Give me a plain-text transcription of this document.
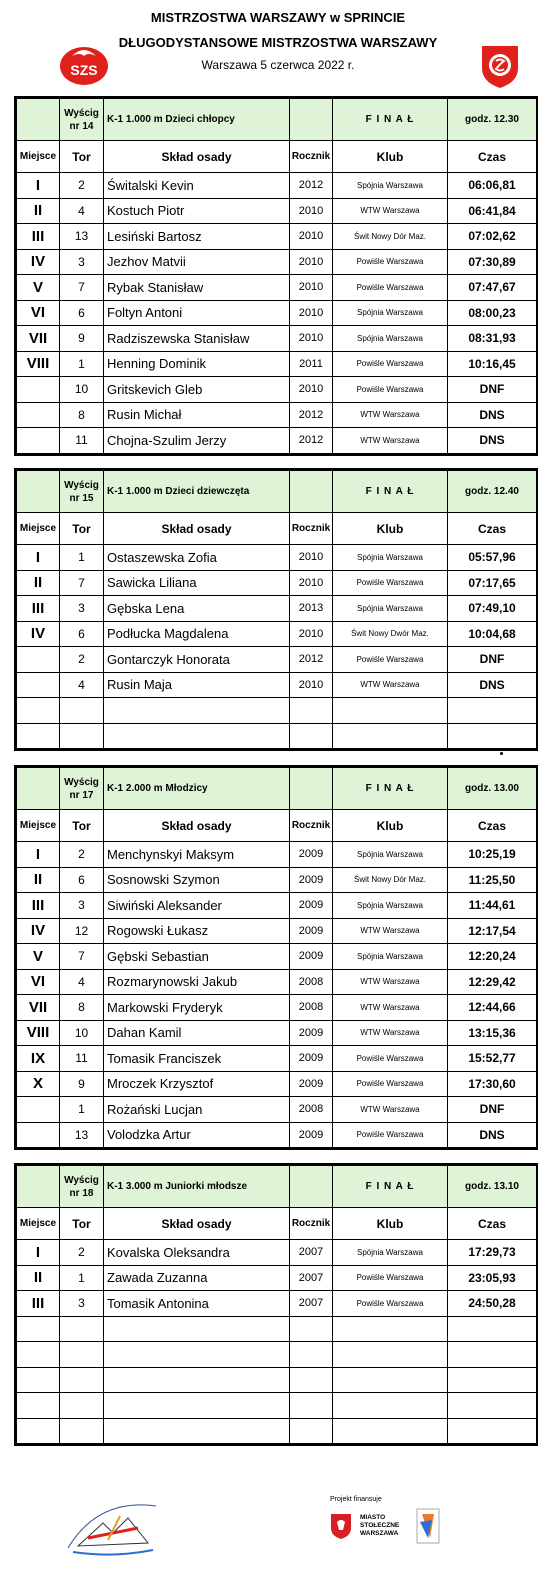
SZS
MISTRZOSTWA WARSZAWY w SPRINCIE
DŁUGODYSTANSOWE MISTRZOSTWA WARSZAWY
Warszawa 5 czerwca 2022 r.

	Wyścig
nr 14	K-1 1.000 m Dzieci chłopcy		F I N A Ł	godz. 12.30
Miejsce	Tor	Skład osady	Rocznik	Klub	Czas
I	2	Świtalski Kevin	2012	Spójnia Warszawa	06:06,81
II	4	Kostuch Piotr	2010	WTW Warszawa	06:41,84
III	13	Lesiński Bartosz	2010	Świt Nowy Dór Maz.	07:02,62
IV	3	Jezhov Matvii	2010	Powiśle Warszawa	07:30,89
V	7	Rybak Stanisław	2010	Powiśle Warszawa	07:47,67
VI	6	Foltyn Antoni	2010	Spójnia Warszawa	08:00,23
VII	9	Radziszewska Stanisław	2010	Spójnia Warszawa	08:31,93
VIII	1	Henning Dominik	2011	Powiśle Warszawa	10:16,45
	10	Gritskevich Gleb	2010	Powiśle Warszawa	DNF
	8	Rusin Michał	2012	WTW Warszawa	DNS
	11	Chojna-Szulim Jerzy	2012	WTW Warszawa	DNS

	Wyścig
nr 15	K-1 1.000 m Dzieci dziewczęta		F I N A Ł	godz. 12.40
Miejsce	Tor	Skład osady	Rocznik	Klub	Czas
I	1	Ostaszewska Zofia	2010	Spójnia Warszawa	05:57,96
II	7	Sawicka Liliana	2010	Powiśle Warszawa	07:17,65
III	3	Gębska Lena	2013	Spójnia Warszawa	07:49,10
IV	6	Podłucka Magdalena	2010	Świt Nowy Dwór Maz.	10:04,68
	2	Gontarczyk Honorata	2012	Powiśle Warszawa	DNF
	4	Rusin Maja	2010	WTW Warszawa	DNS

	Wyścig
nr 17	K-1 2.000 m Młodzicy		F I N A Ł	godz. 13.00
Miejsce	Tor	Skład osady	Rocznik	Klub	Czas
I	2	Menchynskyi Maksym	2009	Spójnia Warszawa	10:25,19
II	6	Sosnowski Szymon	2009	Świt Nowy Dór Maz.	11:25,50
III	3	Siwiński Aleksander	2009	Spójnia Warszawa	11:44,61
IV	12	Rogowski Łukasz	2009	WTW Warszawa	12:17,54
V	7	Gębski Sebastian	2009	Spójnia Warszawa	12:20,24
VI	4	Rozmarynowski Jakub	2008	WTW Warszawa	12:29,42
VII	8	Markowski Fryderyk	2008	WTW Warszawa	12:44,66
VIII	10	Dahan Kamil	2009	WTW Warszawa	13:15,36
IX	11	Tomasik Franciszek	2009	Powiśle Warszawa	15:52,77
X	9	Mroczek Krzysztof	2009	Powiśle Warszawa	17:30,60
	1	Rożański Lucjan	2008	WTW Warszawa	DNF
	13	Volodzka Artur	2009	Powiśle Warszawa	DNS

	Wyścig
nr 18	K-1 3.000 m Juniorki młodsze		F I N A Ł	godz. 13.10
Miejsce	Tor	Skład osady	Rocznik	Klub	Czas
I	2	Kovalska Oleksandra	2007	Spójnia Warszawa	17:29,73
II	1	Zawada Zuzanna	2007	Powiśle Warszawa	23:05,93
III	3	Tomasik Antonina	2007	Powiśle Warszawa	24:50,28

Projekt finansuje
MIASTO
STOŁECZNE
WARSZAWA
